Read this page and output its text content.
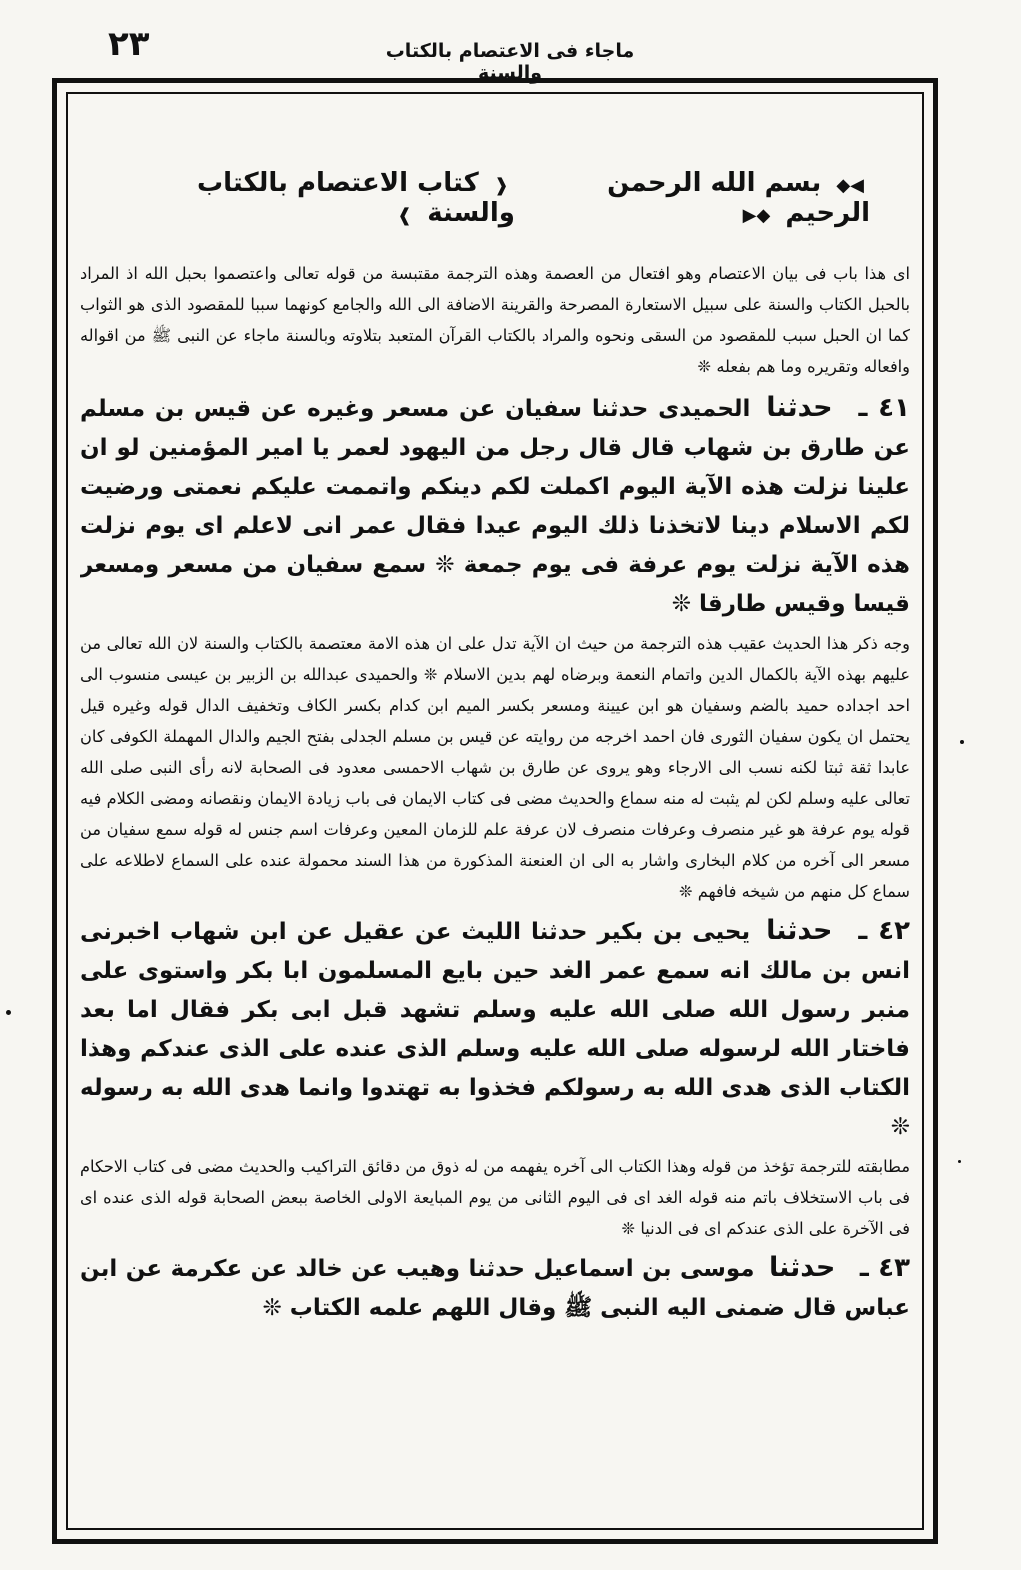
٢٣	ماجاء فى الاعتصام بالكتاب والسنة
◀◆ بسم الله الرحمن الرحيم ◆▶
❰ كتاب الاعتصام بالكتاب والسنة ❱

اى هذا باب فى بيان الاعتصام وهو افتعال من العصمة وهذه الترجمة مقتبسة من قوله تعالى واعتصموا بحبل الله اذ المراد بالحبل الكتاب والسنة على سبيل الاستعارة المصرحة والقرينة الاضافة الى الله والجامع كونهما سببا للمقصود الذى هو الثواب كما ان الحبل سبب للمقصود من السقى ونحوه والمراد بالكتاب القرآن المتعبد بتلاوته وبالسنة ماجاء عن النبى ﷺ من اقواله وافعاله وتقريره وما هم بفعله ❊

٤١ ـ حدثنا الحميدى حدثنا سفيان عن مسعر وغيره عن قيس بن مسلم عن طارق بن شهاب قال قال رجل من اليهود لعمر يا امير المؤمنين لو ان علينا نزلت هذه الآية اليوم اكملت لكم دينكم واتممت عليكم نعمتى ورضيت لكم الاسلام دينا لاتخذنا ذلك اليوم عيدا فقال عمر انى لاعلم اى يوم نزلت هذه الآية نزلت يوم عرفة فى يوم جمعة ❊ سمع سفيان من مسعر ومسعر قيسا وقيس طارقا ❊

وجه ذكر هذا الحديث عقيب هذه الترجمة من حيث ان الآية تدل على ان هذه الامة معتصمة بالكتاب والسنة لان الله تعالى من عليهم بهذه الآية بالكمال الدين واتمام النعمة وبرضاه لهم بدين الاسلام ❊ والحميدى عبدالله بن الزبير بن عيسى منسوب الى احد اجداده حميد بالضم وسفيان هو ابن عيينة ومسعر بكسر الميم ابن كدام بكسر الكاف وتخفيف الدال قوله وغيره قيل يحتمل ان يكون سفيان الثورى فان احمد اخرجه من روايته عن قيس بن مسلم الجدلى بفتح الجيم والدال المهملة الكوفى كان عابدا ثقة ثبتا لكنه نسب الى الارجاء وهو يروى عن طارق بن شهاب الاحمسى معدود فى الصحابة لانه رأى النبى صلى الله تعالى عليه وسلم لكن لم يثبت له منه سماع والحديث مضى فى كتاب الايمان فى باب زيادة الايمان ونقصانه ومضى الكلام فيه قوله يوم عرفة هو غير منصرف وعرفات منصرف لان عرفة علم للزمان المعين وعرفات اسم جنس له قوله سمع سفيان من مسعر الى آخره من كلام البخارى واشار به الى ان العنعنة المذكورة من هذا السند محمولة عنده على السماع لاطلاعه على سماع كل منهم من شيخه فافهم ❊

٤٢ ـ حدثنا يحيى بن بكير حدثنا الليث عن عقيل عن ابن شهاب اخبرنى انس بن مالك انه سمع عمر الغد حين بايع المسلمون ابا بكر واستوى على منبر رسول الله صلى الله عليه وسلم تشهد قبل ابى بكر فقال اما بعد فاختار الله لرسوله صلى الله عليه وسلم الذى عنده على الذى عندكم وهذا الكتاب الذى هدى الله به رسولكم فخذوا به تهتدوا وانما هدى الله به رسوله ❊

مطابقته للترجمة تؤخذ من قوله وهذا الكتاب الى آخره يفهمه من له ذوق من دقائق التراكيب والحديث مضى فى كتاب الاحكام فى باب الاستخلاف باتم منه قوله الغد اى فى اليوم الثانى من يوم المبايعة الاولى الخاصة ببعض الصحابة قوله الذى عنده اى فى الآخرة على الذى عندكم اى فى الدنيا ❊

٤٣ ـ حدثنا موسى بن اسماعيل حدثنا وهيب عن خالد عن عكرمة عن ابن عباس قال ضمنى اليه النبى ﷺ وقال اللهم علمه الكتاب ❊
